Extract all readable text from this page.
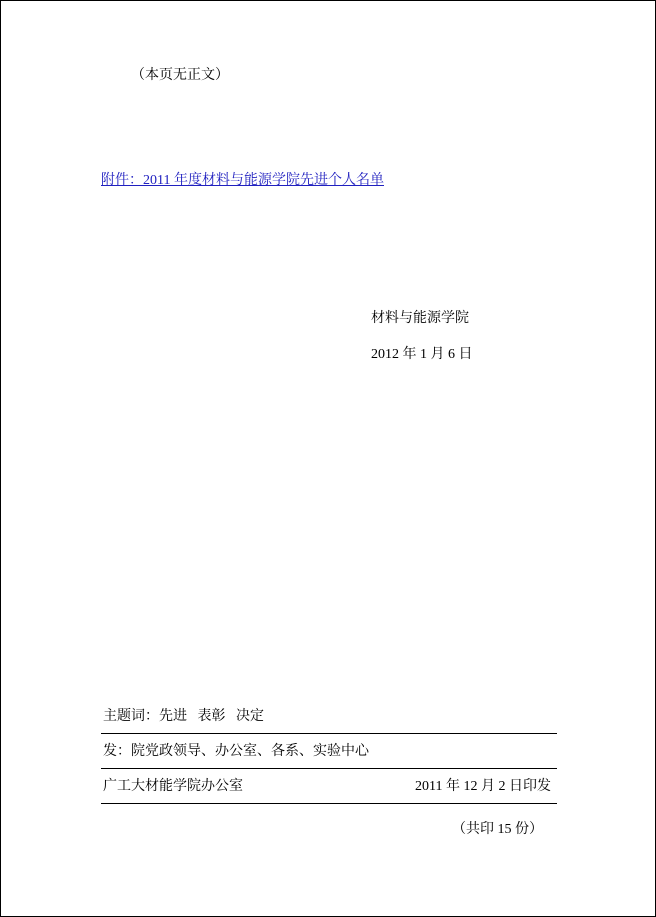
（本页无正文）
附件：2011 年度材料与能源学院先进个人名单
材料与能源学院
2012 年 1 月 6 日
主题词：先进   表彰   决定
发：院党政领导、办公室、各系、实验中心
广工大材能学院办公室	2011 年 12 月 2 日印发
（共印 15 份）
